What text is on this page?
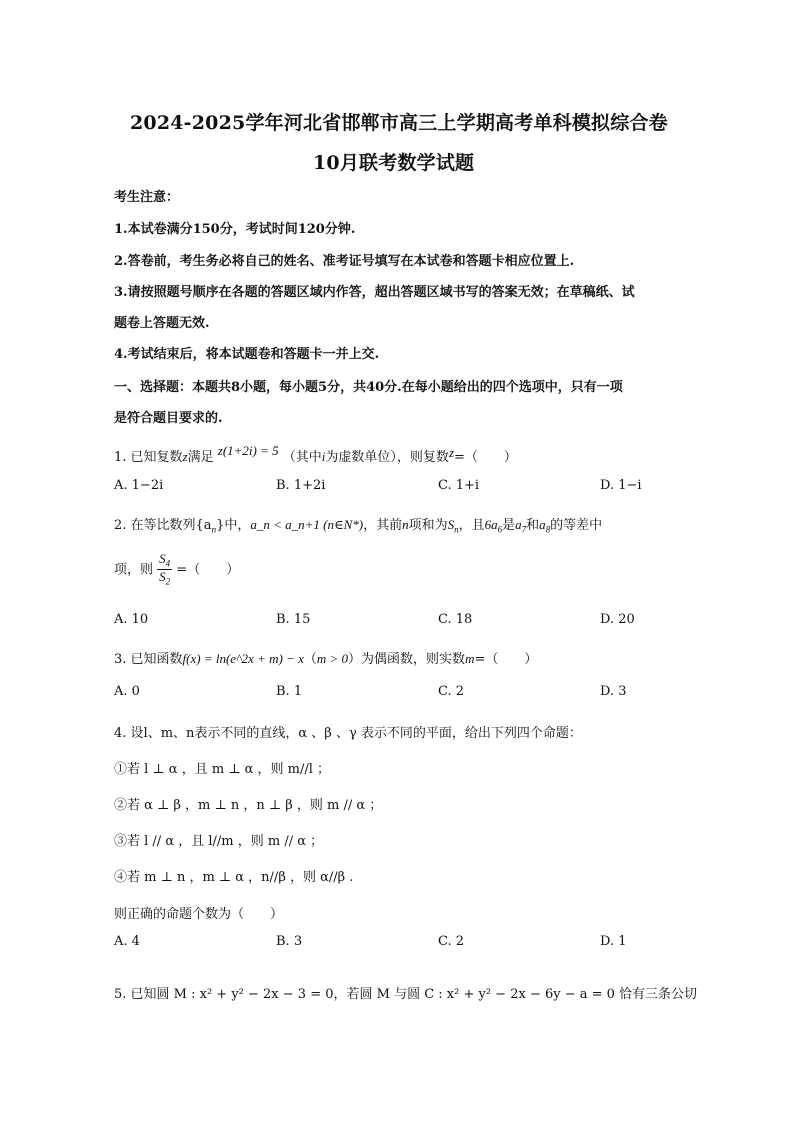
2024-2025学年河北省邯郸市高三上学期高考单科模拟综合卷
10月联考数学试题
考生注意：
1.本试卷满分150分，考试时间120分钟.
2.答卷前，考生务必将自己的姓名、准考证号填写在本试卷和答题卡相应位置上.
3.请按照题号顺序在各题的答题区域内作答，超出答题区域书写的答案无效；在草稿纸、试
题卷上答题无效.
4.考试结束后，将本试题卷和答题卡一并上交.
一、选择题：本题共8小题，每小题5分，共40分.在每小题给出的四个选项中，只有一项
是符合题目要求的.
1. 已知复数z满足 z(1+2i) = 5 （其中i为虚数单位），则复数z=（　　）
A. 1−2i	B. 1+2i	C. 1+i	D. 1−i
2. 在等比数列$\{a_n\}$中，a_n < a_n+1 (n∈N*)，其前n项和为$S_n$，且$6a_6$是$a_7$和$a_8$的等差中
项，则 $\frac{S_4}{S_2}$ =（　　）
A. 10	B. 15	C. 18	D. 20
3. 已知函数f(x) = ln(e^2x + m) − x（m > 0）为偶函数，则实数m=（　　）
A. 0	B. 1	C. 2	D. 3
4. 设l、m、n表示不同的直线，α 、β 、γ 表示不同的平面，给出下列四个命题：
①若 l ⊥ α ，且 m ⊥ α ，则 m//l ；
②若 α ⊥ β ，m ⊥ n ，n ⊥ β ，则 m // α ；
③若 l // α ，且 l//m ，则 m // α ；
④若 m ⊥ n ，m ⊥ α ，n//β ，则 α//β .
则正确的命题个数为（　　）
A. 4	B. 3	C. 2	D. 1
5. 已知圆 M : x² + y² − 2x − 3 = 0，若圆 M 与圆 C : x² + y² − 2x − 6y − a = 0 恰有三条公切
